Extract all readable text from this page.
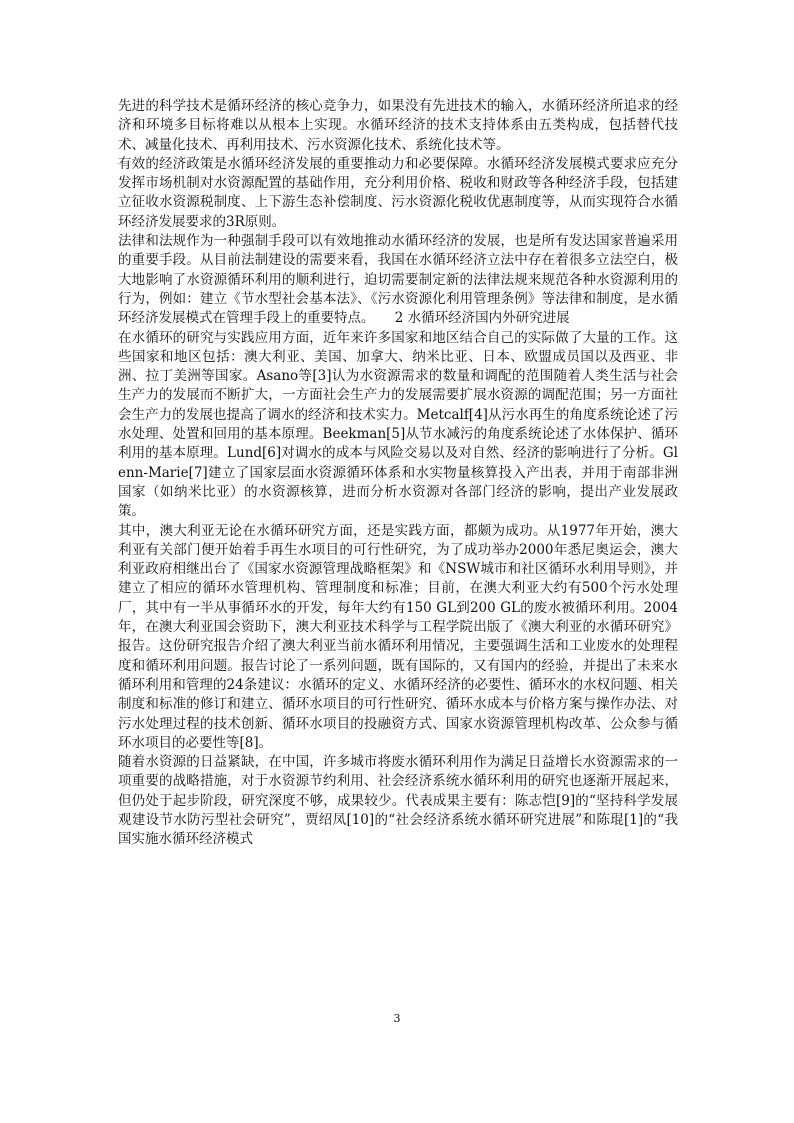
先进的科学技术是循环经济的核心竞争力，如果没有先进技术的输入，水循环经济所追求的经济和环境多目标将难以从根本上实现。水循环经济的技术支持体系由五类构成，包括替代技术、减量化技术、再利用技术、污水资源化技术、系统化技术等。

有效的经济政策是水循环经济发展的重要推动力和必要保障。水循环经济发展模式要求应充分发挥市场机制对水资源配置的基础作用，充分利用价格、税收和财政等各种经济手段，包括建立征收水资源税制度、上下游生态补偿制度、污水资源化税收优惠制度等，从而实现符合水循环经济发展要求的3R原则。

法律和法规作为一种强制手段可以有效地推动水循环经济的发展，也是所有发达国家普遍采用的重要手段。从目前法制建设的需要来看，我国在水循环经济立法中存在着很多立法空白，极大地影响了水资源循环利用的顺利进行，迫切需要制定新的法律法规来规范各种水资源利用的行为，例如：建立《节水型社会基本法》、《污水资源化利用管理条例》等法律和制度，是水循环经济发展模式在管理手段上的重要特点。　　2 水循环经济国内外研究进展

在水循环的研究与实践应用方面，近年来许多国家和地区结合自己的实际做了大量的工作。这些国家和地区包括：澳大利亚、美国、加拿大、纳米比亚、日本、欧盟成员国以及西亚、非洲、拉丁美洲等国家。Asano等[3]认为水资源需求的数量和调配的范围随着人类生活与社会生产力的发展而不断扩大，一方面社会生产力的发展需要扩展水资源的调配范围；另一方面社会生产力的发展也提高了调水的经济和技术实力。Metcalf[4]从污水再生的角度系统论述了污水处理、处置和回用的基本原理。Beekman[5]从节水减污的角度系统论述了水体保护、循环利用的基本原理。Lund[6]对调水的成本与风险交易以及对自然、经济的影响进行了分析。Glenn-Marie[7]建立了国家层面水资源循环体系和水实物量核算投入产出表，并用于南部非洲国家（如纳米比亚）的水资源核算，进而分析水资源对各部门经济的影响，提出产业发展政策。

其中，澳大利亚无论在水循环研究方面，还是实践方面，都颇为成功。从1977年开始，澳大利亚有关部门便开始着手再生水项目的可行性研究，为了成功举办2000年悉尼奥运会，澳大利亚政府相继出台了《国家水资源管理战略框架》和《NSW城市和社区循环水利用导则》，并建立了相应的循环水管理机构、管理制度和标准；目前，在澳大利亚大约有500个污水处理厂，其中有一半从事循环水的开发，每年大约有150 GL到200 GL的废水被循环利用。2004年，在澳大利亚国会资助下，澳大利亚技术科学与工程学院出版了《澳大利亚的水循环研究》报告。这份研究报告介绍了澳大利亚当前水循环利用情况，主要强调生活和工业废水的处理程度和循环利用问题。报告讨论了一系列问题，既有国际的，又有国内的经验，并提出了未来水循环利用和管理的24条建议：水循环的定义、水循环经济的必要性、循环水的水权问题、相关制度和标准的修订和建立、循环水项目的可行性研究、循环水成本与价格方案与操作办法、对污水处理过程的技术创新、循环水项目的投融资方式、国家水资源管理机构改革、公众参与循环水项目的必要性等[8]。

随着水资源的日益紧缺，在中国，许多城市将废水循环利用作为满足日益增长水资源需求的一项重要的战略措施，对于水资源节约利用、社会经济系统水循环利用的研究也逐渐开展起来，但仍处于起步阶段，研究深度不够，成果较少。代表成果主要有：陈志恺[9]的“坚持科学发展观建设节水防污型社会研究”，贾绍凤[10]的“社会经济系统水循环研究进展”和陈琨[1]的“我国实施水循环经济模式

3
